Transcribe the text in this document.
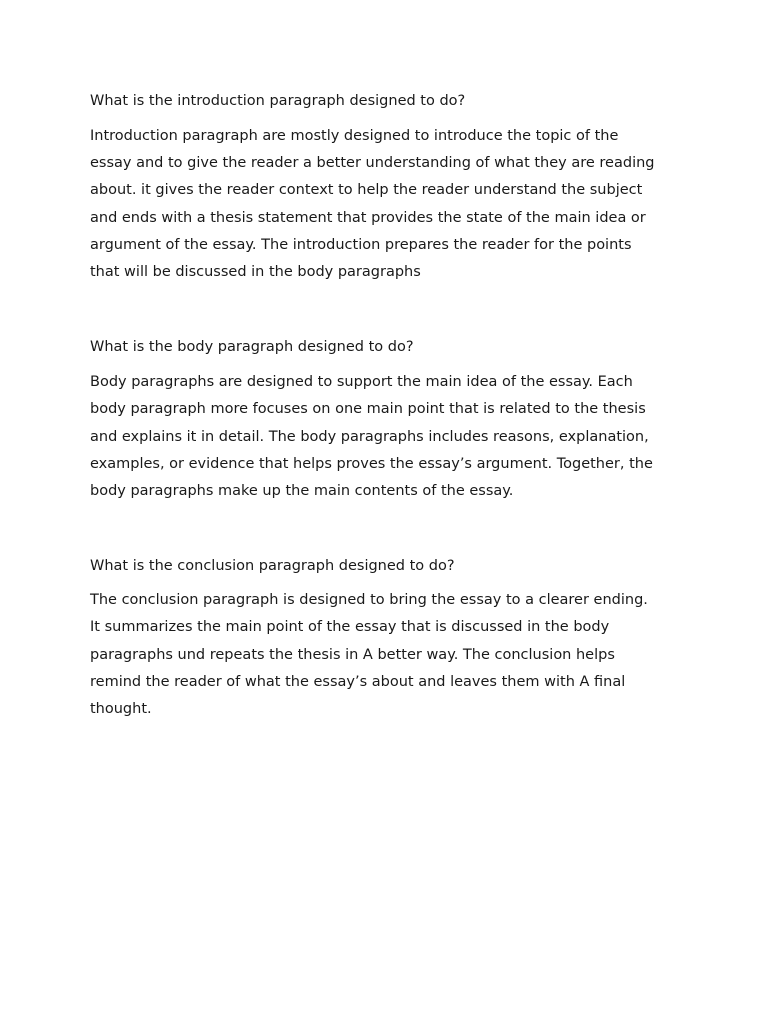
What is the introduction paragraph designed to do?

Introduction paragraph are mostly designed to introduce the topic of the
essay and to give the reader a better understanding of what they are reading
about. it gives the reader context to help the reader understand the subject
and ends with a thesis statement that provides the state of the main idea or
argument of the essay. The introduction prepares the reader for the points
that will be discussed in the body paragraphs

What is the body paragraph designed to do?

Body paragraphs are designed to support the main idea of the essay. Each
body paragraph more focuses on one main point that is related to the thesis
and explains it in detail. The body paragraphs includes reasons, explanation,
examples, or evidence that helps proves the essay’s argument. Together, the
body paragraphs make up the main contents of the essay.

What is the conclusion paragraph designed to do?

The conclusion paragraph is designed to bring the essay to a clearer ending.
It summarizes the main point of the essay that is discussed in the body
paragraphs und repeats the thesis in A better way. The conclusion helps
remind the reader of what the essay’s about and leaves them with A final
thought.
